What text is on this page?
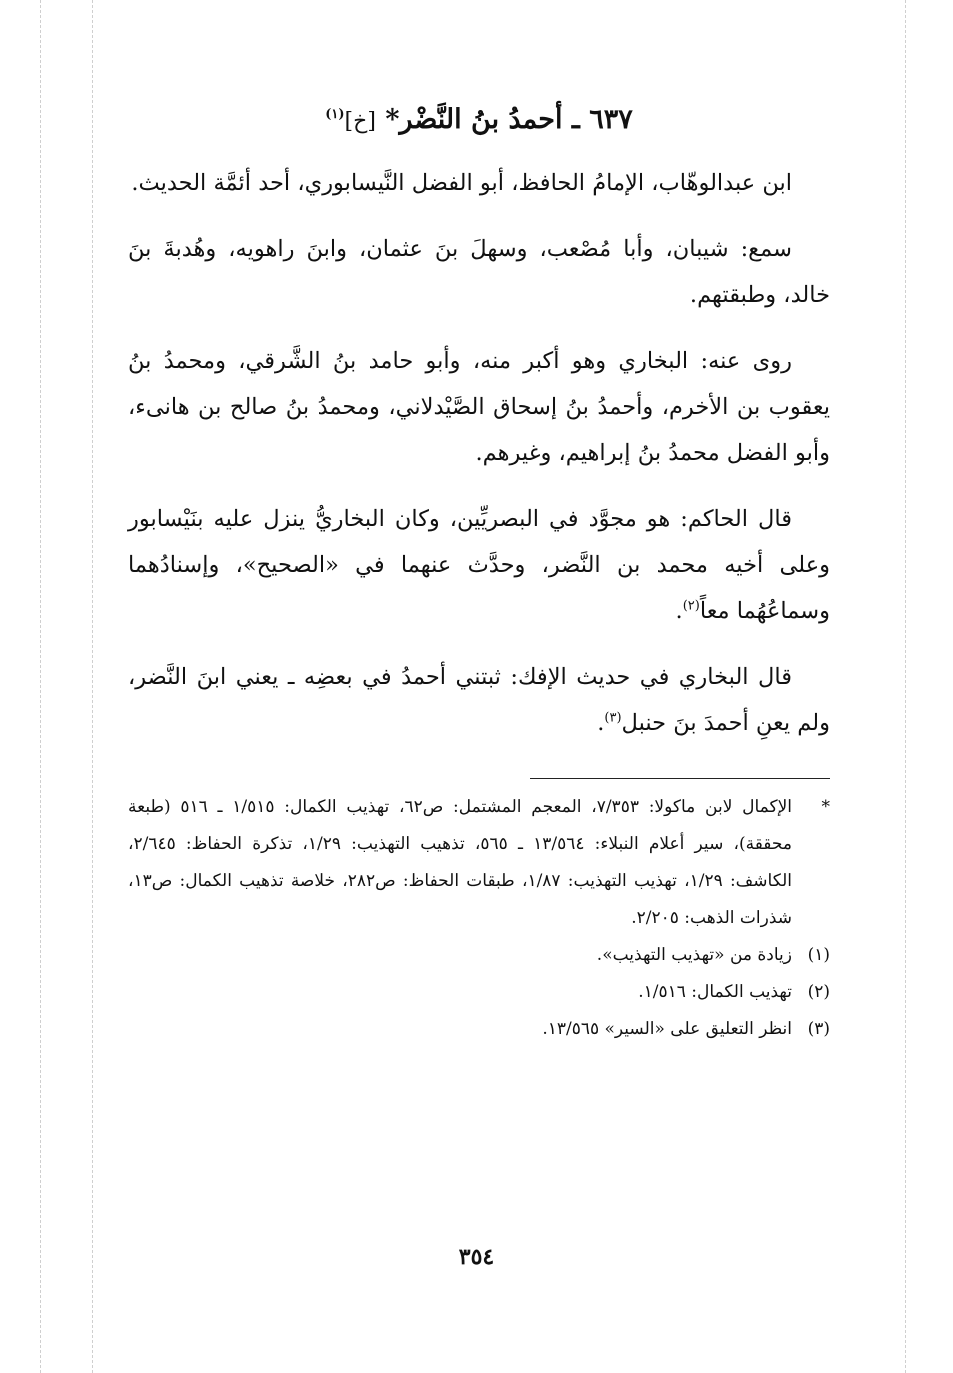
٦٣٧ ـ أحمدُ بنُ النَّضْر* [خ]$^{(١)}$

ابن عبدالوهّاب، الإمامُ الحافظ، أبو الفضل النَّيسابوري، أحد أئمَّة الحديث.

سمع: شيبان، وأبا مُصْعب، وسهلَ بنَ عثمان، وابنَ راهويه، وهُدبةَ بنَ خالد، وطبقتهم.

روى عنه: البخاري وهو أكبر منه، وأبو حامد بنُ الشَّرقي، ومحمدُ بنُ يعقوب بن الأخرم، وأحمدُ بنُ إسحاق الصَّيْدلاني، ومحمدُ بنُ صالح بن هانىء، وأبو الفضل محمدُ بنُ إبراهيم، وغيرهم.

قال الحاكم: هو مجوَّد في البصريِّين، وكان البخاريُّ ينزل عليه بنَيْسابور وعلى أخيه محمد بن النَّضر، وحدَّث عنهما في «الصحيح»، وإسنادُهما وسماعُهُما معاً$^{(٢)}$.

قال البخاري في حديث الإفك: ثبتني أحمدُ في بعضِه ـ يعني ابنَ النَّضر، ولم يعنِ أحمدَ بنَ حنبل$^{(٣)}$.

*
الإكمال لابن ماكولا: ٧/٣٥٣، المعجم المشتمل: ص٦٢، تهذيب الكمال: ١/٥١٥ ـ ٥١٦ (طبعة محققة)، سير أعلام النبلاء: ١٣/٥٦٤ ـ ٥٦٥، تذهيب التهذيب: ١/٢٩، تذكرة الحفاظ: ٢/٦٤٥، الكاشف: ١/٢٩، تهذيب التهذيب: ١/٨٧، طبقات الحفاظ: ص٢٨٢، خلاصة تذهيب الكمال: ص١٣، شذرات الذهب: ٢/٢٠٥.
(١)
زيادة من «تهذيب التهذيب».
(٢)
تهذيب الكمال: ١/٥١٦.
(٣)
انظر التعليق على «السير» ١٣/٥٦٥.
٣٥٤
